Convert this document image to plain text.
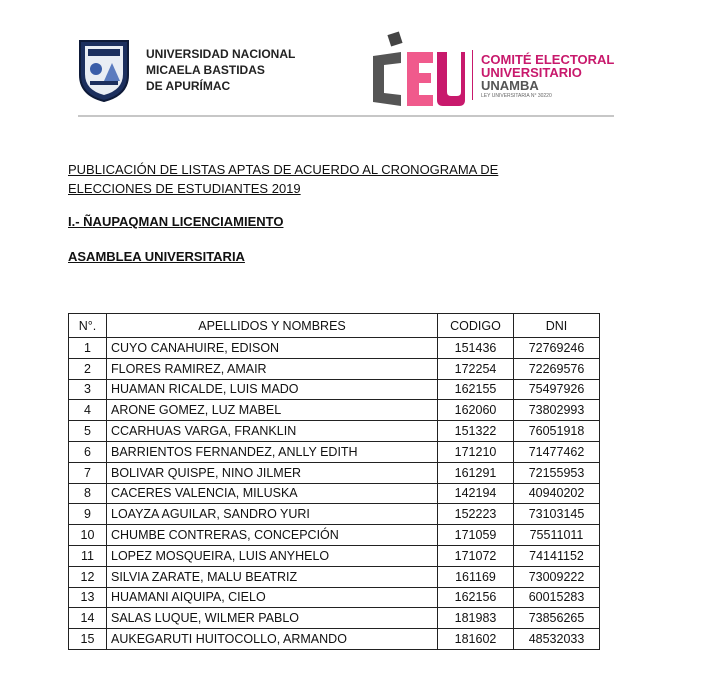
UNIVERSIDAD NACIONAL
MICAELA BASTIDAS
DE APURÍMAC
COMITÉ ELECTORAL
UNIVERSITARIO
UNAMBA
LEY UNIVERSITARIA N° 30220
PUBLICACIÓN DE LISTAS APTAS DE ACUERDO AL CRONOGRAMA DE
ELECCIONES DE ESTUDIANTES 2019
I.- ÑAUPAQMAN LICENCIAMIENTO
ASAMBLEA UNIVERSITARIA
N°.	APELLIDOS Y NOMBRES	CODIGO	DNI
1	CUYO CANAHUIRE, EDISON	151436	72769246
2	FLORES RAMIREZ, AMAIR	172254	72269576
3	HUAMAN RICALDE, LUIS MADO	162155	75497926
4	ARONE GOMEZ, LUZ MABEL	162060	73802993
5	CCARHUAS VARGA, FRANKLIN	151322	76051918
6	BARRIENTOS FERNANDEZ, ANLLY EDITH	171210	71477462
7	BOLIVAR QUISPE, NINO JILMER	161291	72155953
8	CACERES VALENCIA, MILUSKA	142194	40940202
9	LOAYZA AGUILAR, SANDRO YURI	152223	73103145
10	CHUMBE CONTRERAS, CONCEPCIÓN	171059	75511011
11	LOPEZ MOSQUEIRA, LUIS ANYHELO	171072	74141152
12	SILVIA ZARATE, MALU BEATRIZ	161169	73009222
13	HUAMANI AIQUIPA, CIELO	162156	60015283
14	SALAS LUQUE, WILMER PABLO	181983	73856265
15	AUKEGARUTI HUITOCOLLO, ARMANDO	181602	48532033
